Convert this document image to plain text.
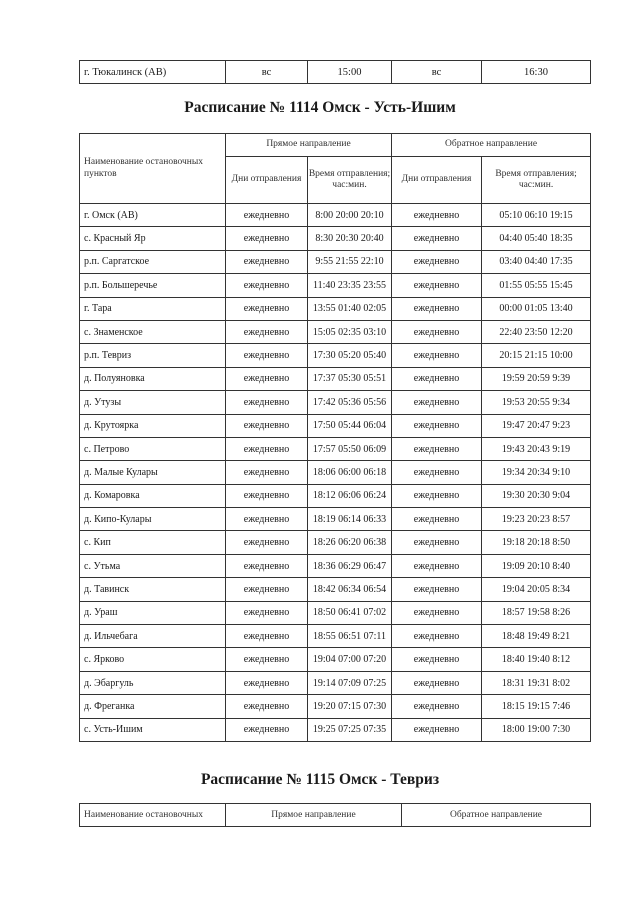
г. Тюкалинск (АВ)	вс	15:00	вс	16:30
Расписание № 1114 Омск - Усть-Ишим
Наименование остановочных пунктов	Прямое направление		Обратное направление	
	Дни отправления	Время отправления; час:мин.	Дни отправления	Время отправления; час:мин.
г. Омск (АВ)	ежедневно	8:00 20:00 20:10	ежедневно	05:10 06:10 19:15
с. Красный Яр	ежедневно	8:30 20:30 20:40	ежедневно	04:40 05:40 18:35
р.п. Саргатское	ежедневно	9:55 21:55 22:10	ежедневно	03:40 04:40 17:35
р.п. Большеречье	ежедневно	11:40 23:35 23:55	ежедневно	01:55 05:55 15:45
г. Тара	ежедневно	13:55 01:40 02:05	ежедневно	00:00 01:05 13:40
с. Знаменское	ежедневно	15:05 02:35 03:10	ежедневно	22:40 23:50 12:20
р.п. Тевриз	ежедневно	17:30 05:20 05:40	ежедневно	20:15 21:15 10:00
д. Полуяновка	ежедневно	17:37 05:30 05:51	ежедневно	19:59 20:59 9:39
д. Утузы	ежедневно	17:42 05:36 05:56	ежедневно	19:53 20:55 9:34
д. Крутоярка	ежедневно	17:50 05:44 06:04	ежедневно	19:47 20:47 9:23
с. Петрово	ежедневно	17:57 05:50 06:09	ежедневно	19:43 20:43 9:19
д. Малые Кулары	ежедневно	18:06 06:00 06:18	ежедневно	19:34 20:34 9:10
д. Комаровка	ежедневно	18:12 06:06 06:24	ежедневно	19:30 20:30 9:04
д. Кипо-Кулары	ежедневно	18:19 06:14 06:33	ежедневно	19:23 20:23 8:57
с. Кип	ежедневно	18:26 06:20 06:38	ежедневно	19:18 20:18 8:50
с. Утьма	ежедневно	18:36 06:29 06:47	ежедневно	19:09 20:10 8:40
д. Тавинск	ежедневно	18:42 06:34 06:54	ежедневно	19:04 20:05 8:34
д. Ураш	ежедневно	18:50 06:41 07:02	ежедневно	18:57 19:58 8:26
д. Ильчебага	ежедневно	18:55 06:51 07:11	ежедневно	18:48 19:49 8:21
с. Ярково	ежедневно	19:04 07:00 07:20	ежедневно	18:40 19:40 8:12
д. Эбаргуль	ежедневно	19:14 07:09 07:25	ежедневно	18:31 19:31 8:02
д. Фреганка	ежедневно	19:20 07:15 07:30	ежедневно	18:15 19:15 7:46
с. Усть-Ишим	ежедневно	19:25 07:25 07:35	ежедневно	18:00 19:00 7:30
Расписание № 1115 Омск - Тевриз
Наименование остановочных	Прямое направление	Обратное направление
